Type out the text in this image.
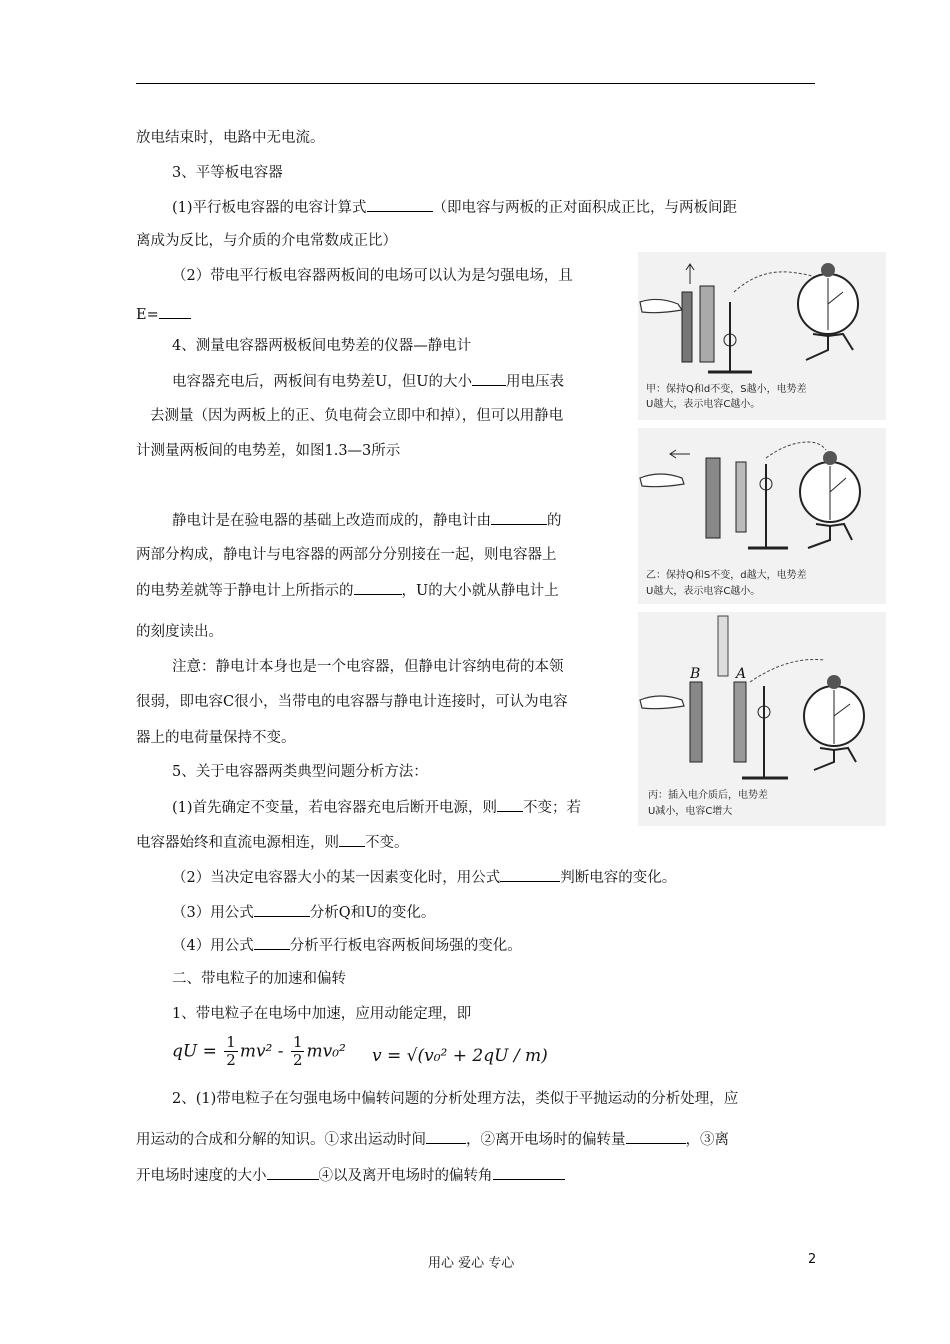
放电结束时，电路中无电流。
3、平等板电容器
(1)平行板电容器的电容计算式	（即电容与两板的正对面积成正比，与两板间距
离成为反比，与介质的介电常数成正比）
（2）带电平行板电容器两板间的电场可以认为是匀强电场，且
E=
4、测量电容器两极板间电势差的仪器—静电计
电容器充电后，两板间有电势差U，但U的大小 用电压表
去测量（因为两板上的正、负电荷会立即中和掉），但可以用静电
计测量两板间的电势差，如图1.3—3所示
静电计是在验电器的基础上改造而成的，静电计由	的
两部分构成，静电计与电容器的两部分分别接在一起，则电容器上
的电势差就等于静电计上所指示的	，U的大小就从静电计上
的刻度读出。
注意：静电计本身也是一个电容器，但静电计容纳电荷的本领
很弱，即电容C很小，当带电的电容器与静电计连接时，可认为电容
器上的电荷量保持不变。
5、关于电容器两类典型问题分析方法：
(1)首先确定不变量，若电容器充电后断开电源，则 不变；若
电容器始终和直流电源相连，则 不变。
（2）当决定电容器大小的某一因素变化时，用公式	判断电容的变化。
（3）用公式	分析Q和U的变化。
（4）用公式 分析平行板电容两板间场强的变化。
二、带电粒子的加速和偏转
1、带电粒子在电场中加速，应用动能定理，即
qU = $\frac{1}{2} mv^2 - \frac{1}{2} mv_0^2$ v = √(v₀² + 2qU / m)
2、(1)带电粒子在匀强电场中偏转问题的分析处理方法，类似于平抛运动的分析处理，应
用运动的合成和分解的知识。①求出运动时间	，②离开电场时的偏转量	，③离
开电场时速度的大小	④以及离开电场时的偏转角
甲：保持Q和d不变，S越小，电势差
U越大，表示电容C越小。
乙：保持Q和S不变，d越大，电势差
U越大，表示电容C越小。
B	A
丙：插入电介质后，电势差
U减小，电容C增大
用心 爱心 专心	2
